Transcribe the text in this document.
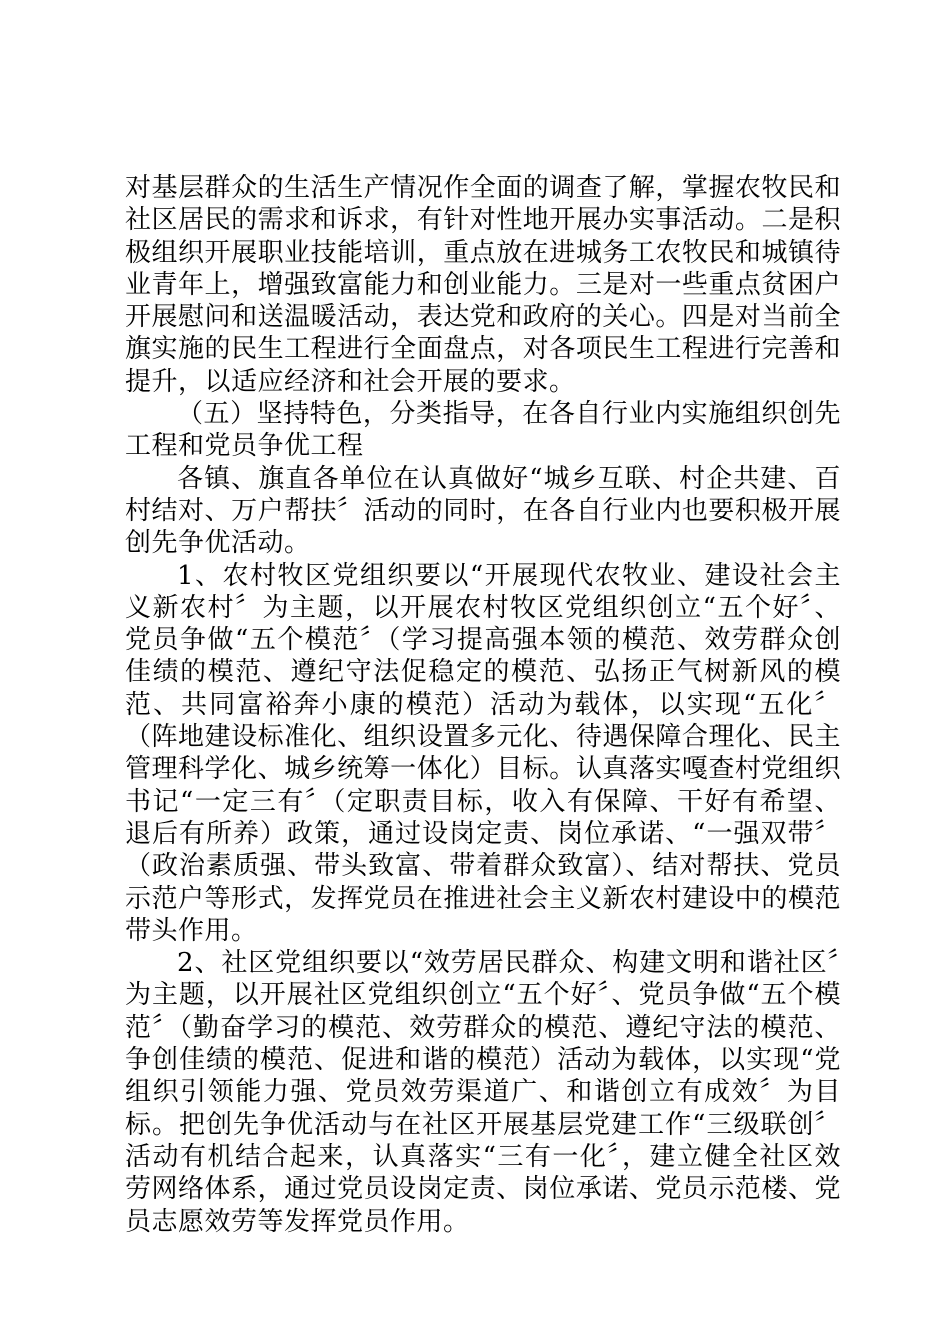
对基层群众的生活生产情况作全面的调查了解，掌握农牧民和社区居民的需求和诉求，有针对性地开展办实事活动。二是积极组织开展职业技能培训，重点放在进城务工农牧民和城镇待业青年上，增强致富能力和创业能力。三是对一些重点贫困户开展慰问和送温暖活动，表达党和政府的关心。四是对当前全旗实施的民生工程进行全面盘点，对各项民生工程进行完善和提升，以适应经济和社会开展的要求。

（五）坚持特色，分类指导，在各自行业内实施组织创先工程和党员争优工程

各镇、旗直各单位在认真做好“城乡互联、村企共建、百村结对、万户帮扶〞活动的同时，在各自行业内也要积极开展创先争优活动。

1、农村牧区党组织要以“开展现代农牧业、建设社会主义新农村〞为主题，以开展农村牧区党组织创立“五个好〞、党员争做“五个模范〞（学习提高强本领的模范、效劳群众创佳绩的模范、遵纪守法促稳定的模范、弘扬正气树新风的模范、共同富裕奔小康的模范）活动为载体，以实现“五化〞（阵地建设标准化、组织设置多元化、待遇保障合理化、民主管理科学化、城乡统筹一体化）目标。认真落实嘎查村党组织书记“一定三有〞（定职责目标，收入有保障、干好有希望、退后有所养）政策，通过设岗定责、岗位承诺、“一强双带〞（政治素质强、带头致富、带着群众致富）、结对帮扶、党员示范户等形式，发挥党员在推进社会主义新农村建设中的模范带头作用。

2、社区党组织要以“效劳居民群众、构建文明和谐社区〞为主题，以开展社区党组织创立“五个好〞、党员争做“五个模范〞（勤奋学习的模范、效劳群众的模范、遵纪守法的模范、争创佳绩的模范、促进和谐的模范）活动为载体，以实现“党组织引领能力强、党员效劳渠道广、和谐创立有成效〞为目标。把创先争优活动与在社区开展基层党建工作“三级联创〞活动有机结合起来，认真落实“三有一化〞，建立健全社区效劳网络体系，通过党员设岗定责、岗位承诺、党员示范楼、党员志愿效劳等发挥党员作用。
